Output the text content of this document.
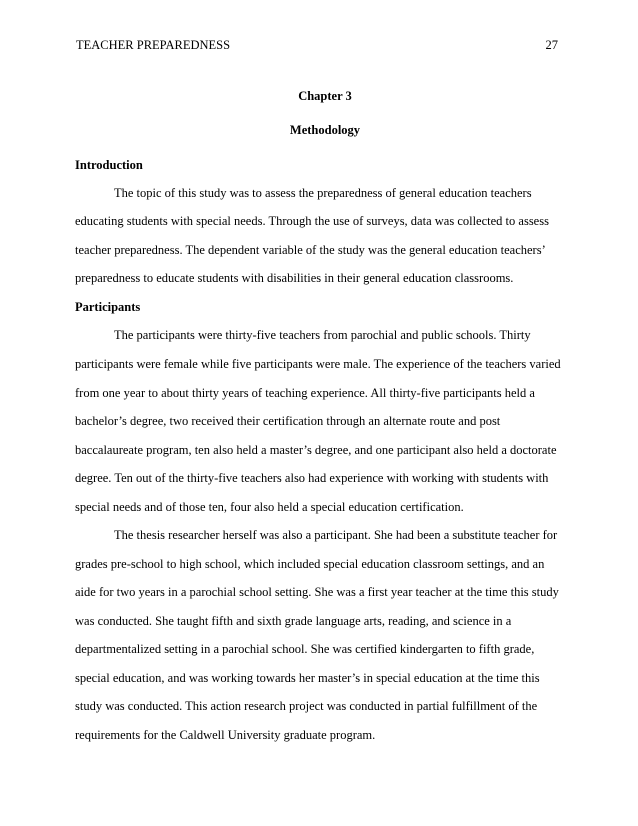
TEACHER PREPAREDNESS	27
Chapter 3
Methodology
Introduction
The topic of this study was to assess the preparedness of general education teachers
educating students with special needs. Through the use of surveys, data was collected to assess
teacher preparedness. The dependent variable of the study was the general education teachers’
preparedness to educate students with disabilities in their general education classrooms.
Participants
The participants were thirty-five teachers from parochial and public schools. Thirty
participants were female while five participants were male. The experience of the teachers varied
from one year to about thirty years of teaching experience. All thirty-five participants held a
bachelor’s degree, two received their certification through an alternate route and post
baccalaureate program, ten also held a master’s degree, and one participant also held a doctorate
degree. Ten out of the thirty-five teachers also had experience with working with students with
special needs and of those ten, four also held a special education certification.
The thesis researcher herself was also a participant. She had been a substitute teacher for
grades pre-school to high school, which included special education classroom settings, and an
aide for two years in a parochial school setting. She was a first year teacher at the time this study
was conducted. She taught fifth and sixth grade language arts, reading, and science in a
departmentalized setting in a parochial school. She was certified kindergarten to fifth grade,
special education, and was working towards her master’s in special education at the time this
study was conducted. This action research project was conducted in partial fulfillment of the
requirements for the Caldwell University graduate program.
